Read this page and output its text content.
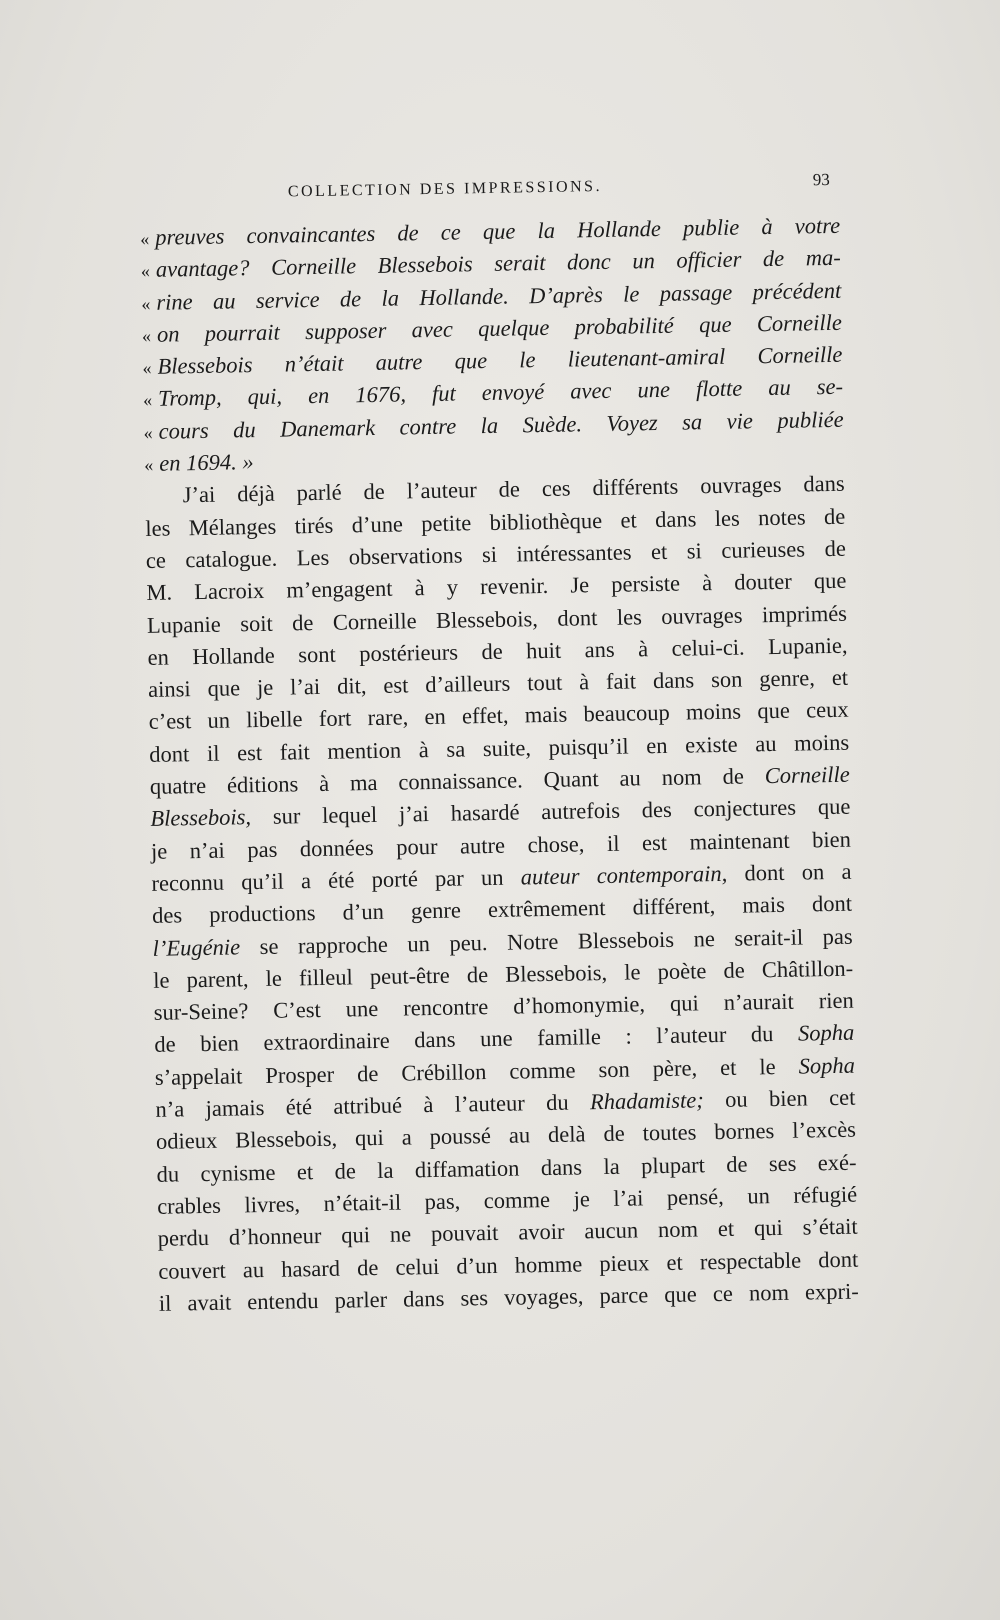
COLLECTION DES IMPRESSIONS.	93
« preuves convaincantes de ce que la Hollande publie à votre
« avantage? Corneille Blessebois serait donc un officier de ma-
« rine au service de la Hollande. D’après le passage précédent
« on pourrait supposer avec quelque probabilité que Corneille
« Blessebois n’était autre que le lieutenant-amiral Corneille
« Tromp, qui, en 1676, fut envoyé avec une flotte au se-
« cours du Danemark contre la Suède. Voyez sa vie publiée
« en 1694. »
J’ai déjà parlé de l’auteur de ces différents ouvrages dans
les Mélanges tirés d’une petite bibliothèque et dans les notes de
ce catalogue. Les observations si intéressantes et si curieuses de
M. Lacroix m’engagent à y revenir. Je persiste à douter que
Lupanie soit de Corneille Blessebois, dont les ouvrages imprimés
en Hollande sont postérieurs de huit ans à celui-ci. Lupanie,
ainsi que je l’ai dit, est d’ailleurs tout à fait dans son genre, et
c’est un libelle fort rare, en effet, mais beaucoup moins que ceux
dont il est fait mention à sa suite, puisqu’il en existe au moins
quatre éditions à ma connaissance. Quant au nom de Corneille
Blessebois, sur lequel j’ai hasardé autrefois des conjectures que
je n’ai pas données pour autre chose, il est maintenant bien
reconnu qu’il a été porté par un auteur contemporain, dont on a
des productions d’un genre extrêmement différent, mais dont
l’Eugénie se rapproche un peu. Notre Blessebois ne serait-il pas
le parent, le filleul peut-être de Blessebois, le poète de Châtillon-
sur-Seine? C’est une rencontre d’homonymie, qui n’aurait rien
de bien extraordinaire dans une famille : l’auteur du Sopha
s’appelait Prosper de Crébillon comme son père, et le Sopha
n’a jamais été attribué à l’auteur du Rhadamiste; ou bien cet
odieux Blessebois, qui a poussé au delà de toutes bornes l’excès
du cynisme et de la diffamation dans la plupart de ses exé-
crables livres, n’était-il pas, comme je l’ai pensé, un réfugié
perdu d’honneur qui ne pouvait avoir aucun nom et qui s’était
couvert au hasard de celui d’un homme pieux et respectable dont
il avait entendu parler dans ses voyages, parce que ce nom expri-
